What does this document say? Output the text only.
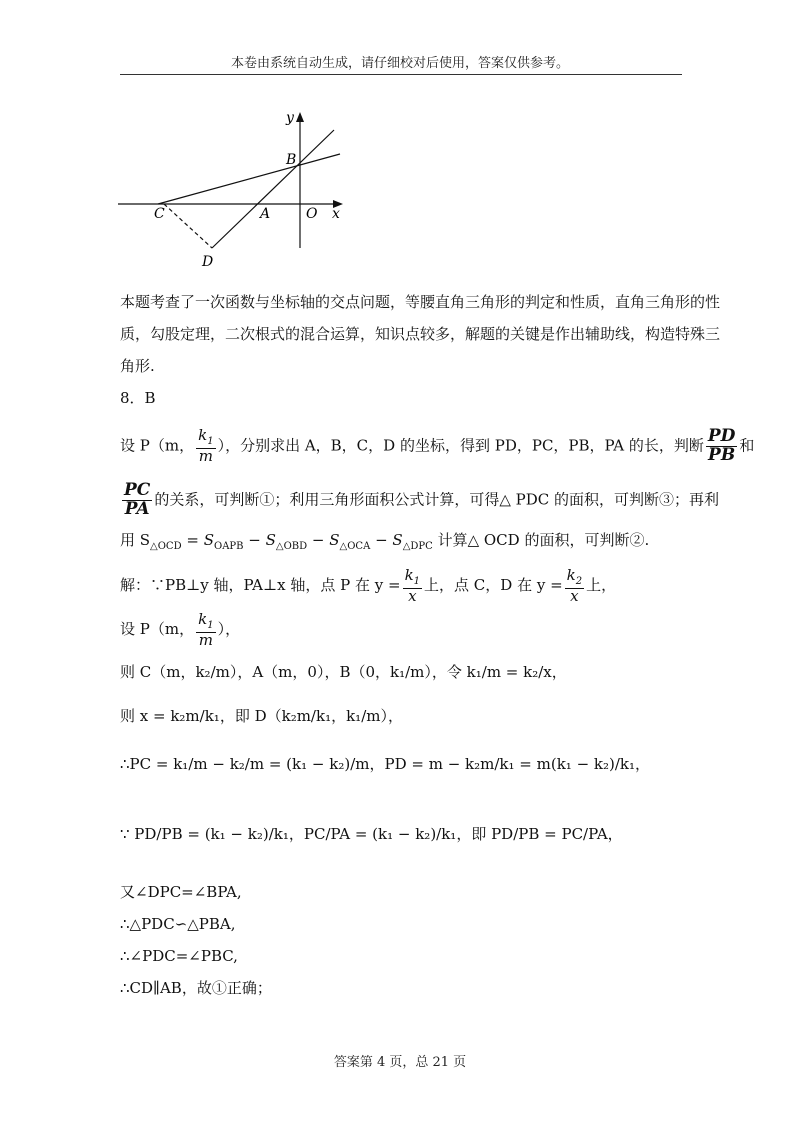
本卷由系统自动生成，请仔细校对后使用，答案仅供参考。
y
x
O
A
B
C
D
本题考查了一次函数与坐标轴的交点问题，等腰直角三角形的判定和性质，直角三角形的性
质，勾股定理，二次根式的混合运算，知识点较多，解题的关键是作出辅助线，构造特殊三
角形.
8．B
设 P（m， $\frac{k_1}{m}$ ），分别求出 A，B，C，D 的坐标，得到 PD，PC，PB，PA 的长，判断 $\frac{PD}{PB}$ 和
$\frac{PC}{PA}$ 的关系，可判断①；利用三角形面积公式计算，可得△ PDC 的面积，可判断③；再利
用 $S_{\triangle OCD} = S_{OAPB} - S_{\triangle OBD} - S_{\triangle OCA} - S_{\triangle DPC}$ 计算△ OCD 的面积，可判断②.
解：∵PB⊥y 轴，PA⊥x 轴，点 P 在 $y = \frac{k_1}{x}$ 上，点 C，D 在 $y = \frac{k_2}{x}$ 上，
设 P（m， $\frac{k_1}{m}$ ），
则 C（m，k₂/m），A（m，0），B（0，k₁/m），令 k₁/m = k₂/x，
则 x = k₂m/k₁，即 D（k₂m/k₁，k₁/m），
∴PC = k₁/m − k₂/m = (k₁ − k₂)/m，PD = m − k₂m/k₁ = m(k₁ − k₂)/k₁，
∵ PD/PB = (k₁ − k₂)/k₁，PC/PA = (k₁ − k₂)/k₁，即 PD/PB = PC/PA，
又∠DPC=∠BPA,
∴△PDC∽△PBA,
∴∠PDC=∠PBC,
∴CD∥AB，故①正确；
答案第 4 页，总 21 页
